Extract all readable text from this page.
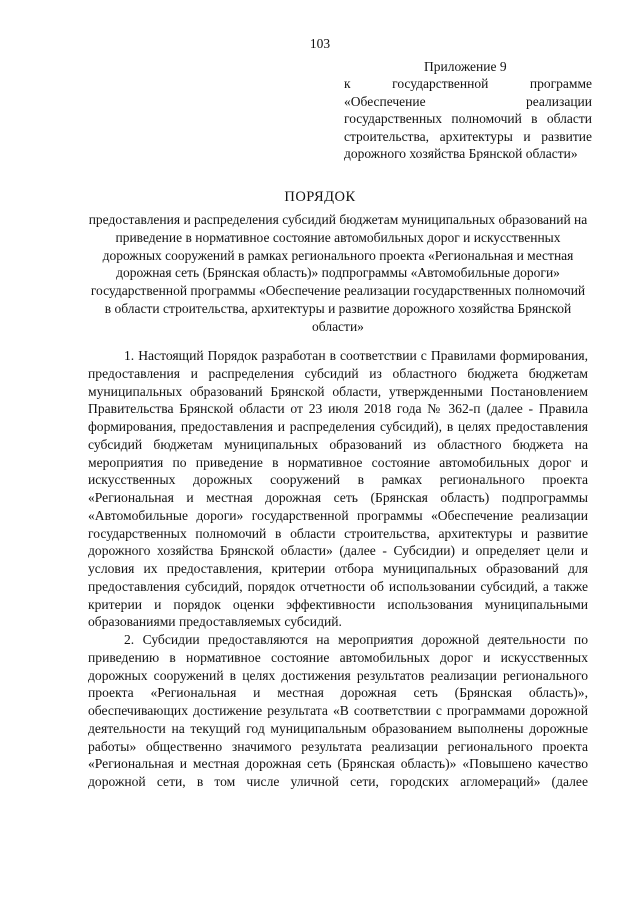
103
Приложение 9
к государственной программе «Обеспечение реализации государственных полномочий в области строительства, архитектуры и развитие дорожного хозяйства Брянской области»
ПОРЯДОК
предоставления и распределения субсидий бюджетам муниципальных образований на приведение в нормативное состояние автомобильных дорог и искусственных дорожных сооружений в рамках регионального проекта «Региональная и местная дорожная сеть (Брянская область)» подпрограммы «Автомобильные дороги» государственной программы «Обеспечение реализации государственных полномочий в области строительства, архитектуры и развитие дорожного хозяйства Брянской области»

1. Настоящий Порядок разработан в соответствии с Правилами формирования, предоставления и распределения субсидий из областного бюджета бюджетам муниципальных образований Брянской области, утвержденными Постановлением Правительства Брянской области от 23 июля 2018 года № 362-п (далее - Правила формирования, предоставления и распределения субсидий), в целях предоставления субсидий бюджетам муниципальных образований из областного бюджета на мероприятия по приведение в нормативное состояние автомобильных дорог и искусственных дорожных сооружений в рамках регионального проекта «Региональная и местная дорожная сеть (Брянская область) подпрограммы «Автомобильные дороги» государственной программы «Обеспечение реализации государственных полномочий в области строительства, архитектуры и развитие дорожного хозяйства Брянской области» (далее - Субсидии) и определяет цели и условия их предоставления, критерии отбора муниципальных образований для предоставления субсидий, порядок отчетности об использовании субсидий, а также критерии и порядок оценки эффективности использования муниципальными образованиями предоставляемых субсидий.

2. Субсидии предоставляются на мероприятия дорожной деятельности по приведению в нормативное состояние автомобильных дорог и искусственных дорожных сооружений в целях достижения результатов реализации регионального проекта «Региональная и местная дорожная сеть (Брянская область)», обеспечивающих достижение результата «В соответствии с программами дорожной деятельности на текущий год муниципальным образованием выполнены дорожные работы» общественно значимого результата реализации регионального проекта «Региональная и местная дорожная сеть (Брянская область)» «Повышено качество дорожной сети, в том числе уличной сети, городских агломераций» (далее
